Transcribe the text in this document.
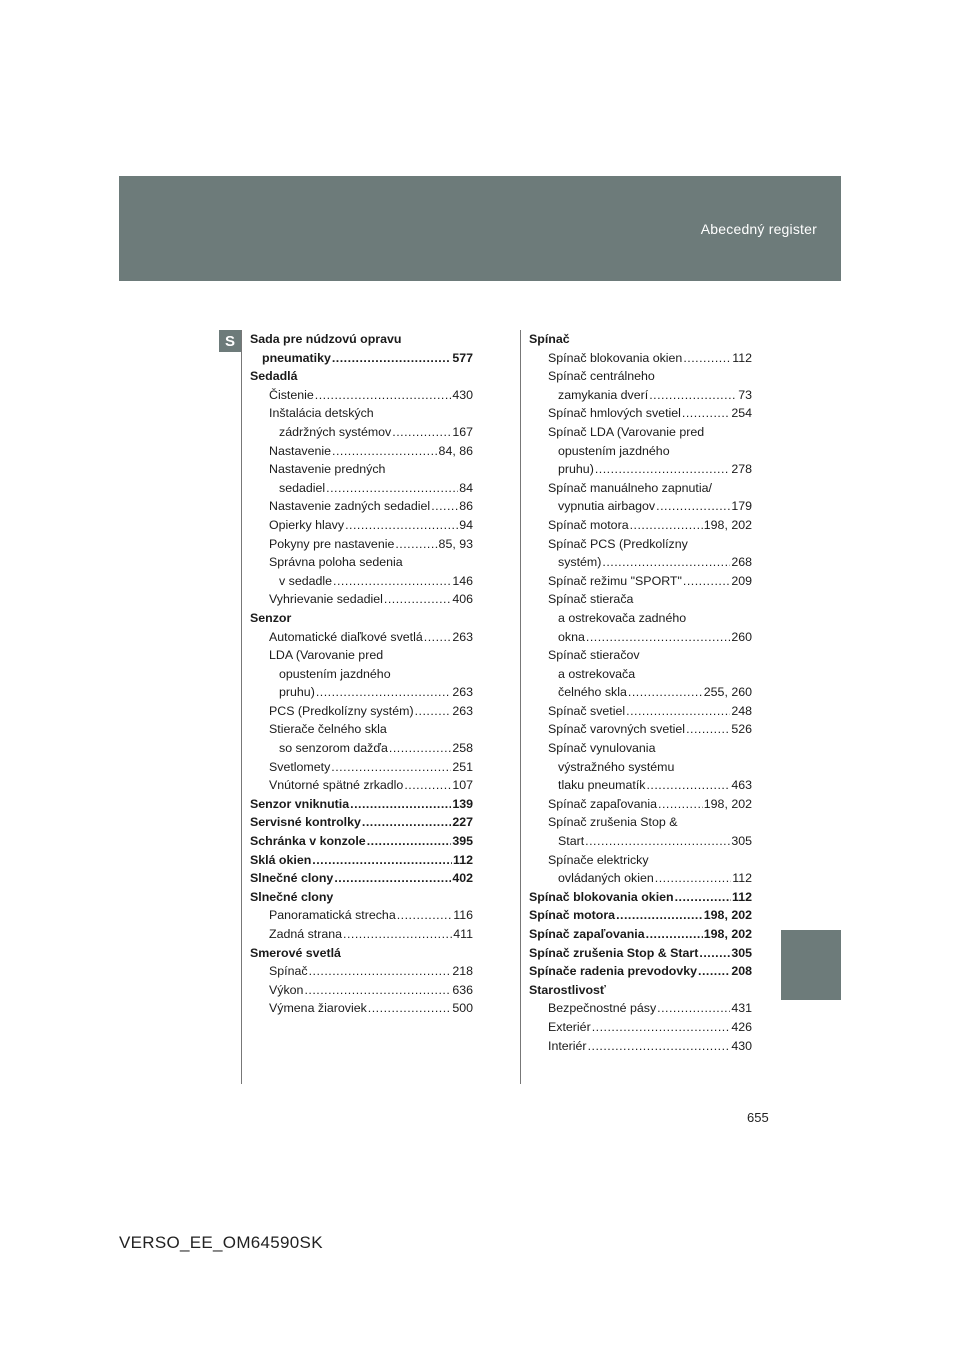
Abecedný register
S	Sada pre núdzovú opravu
pneumatiky .....	577
Sedadlá
Čistenie .....	430
Inštalácia detských
zádržných systémov .....	167
Nastavenie .....	84, 86
Nastavenie predných
sedadiel .....	84
Nastavenie zadných sedadiel ..... 86
Opierky hlavy .....	94
Pokyny pre nastavenie .....	85, 93
Správna poloha sedenia
v sedadle .....	146
Vyhrievanie sedadiel .....	406
Senzor
Automatické diaľkové svetlá ..... 263
LDA (Varovanie pred
opustením jazdného
pruhu) .....	263
PCS (Predkolízny systém) .....	263
Stierače čelného skla
so senzorom dažďa .....	258
Svetlomety .....	251
Vnútorné spätné zrkadlo .....	107
Senzor vniknutia .....	139
Servisné kontrolky .....	227
Schránka v konzole .....	395
Sklá okien .....	112
Slnečné clony .....	402
Slnečné clony
Panoramatická strecha .....	116
Zadná strana .....	411
Smerové svetlá
Spínač .....	218
Výkon .....	636
Výmena žiaroviek .....	500
Spínač
Spínač blokovania okien .....	112
Spínač centrálneho
zamykania dverí .....	73
Spínač hmlových svetiel .....	254
Spínač LDA (Varovanie pred
opustením jazdného
pruhu) .....	278
Spínač manuálneho zapnutia/
vypnutia airbagov .....	179
Spínač motora .....	198, 202
Spínač PCS (Predkolízny
systém) .....	268
Spínač režimu "SPORT" .....	209
Spínač stierača
a ostrekovača zadného
okna .....	260
Spínač stieračov
a ostrekovača
čelného skla .....	255, 260
Spínač svetiel .....	248
Spínač varovných svetiel .....	526
Spínač vynulovania
výstražného systému
tlaku pneumatík .....	463
Spínač zapaľovania .....	198, 202
Spínač zrušenia Stop &
Start .....	305
Spínače elektricky
ovládaných okien .....	112
Spínač blokovania okien .....	112
Spínač motora .....	198, 202
Spínač zapaľovania .....	198, 202
Spínač zrušenia Stop & Start .....	305
Spínače radenia prevodovky .....	208
Starostlivosť
Bezpečnostné pásy .....	431
Exteriér .....	426
Interiér .....	430
655
VERSO_EE_OM64590SK
